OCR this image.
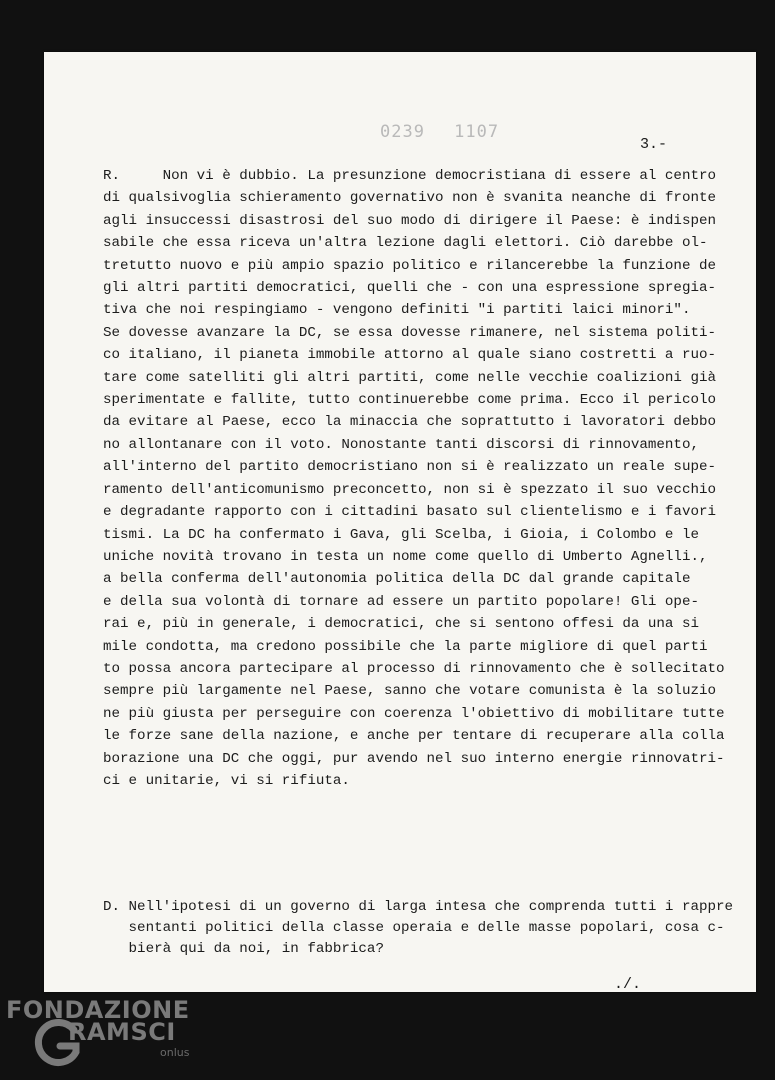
0239 1107
3.-
R.     Non vi è dubbio. La presunzione democristiana di essere al centro
di qualsivoglia schieramento governativo non è svanita neanche di fronte
agli insuccessi disastrosi del suo modo di dirigere il Paese: è indispen
sabile che essa riceva un'altra lezione dagli elettori. Ciò darebbe ol-
tretutto nuovo e più ampio spazio politico e rilancerebbe la funzione de
gli altri partiti democratici, quelli che - con una espressione spregia-
tiva che noi respingiamo - vengono definiti "i partiti laici minori".
Se dovesse avanzare la DC, se essa dovesse rimanere, nel sistema politi-
co italiano, il pianeta immobile attorno al quale siano costretti a ruo-
tare come satelliti gli altri partiti, come nelle vecchie coalizioni già
sperimentate e fallite, tutto continuerebbe come prima. Ecco il pericolo
da evitare al Paese, ecco la minaccia che soprattutto i lavoratori debbo
no allontanare con il voto. Nonostante tanti discorsi di rinnovamento,
all'interno del partito democristiano non si è realizzato un reale supe-
ramento dell'anticomunismo preconcetto, non si è spezzato il suo vecchio
e degradante rapporto con i cittadini basato sul clientelismo e i favori
tismi. La DC ha confermato i Gava, gli Scelba, i Gioia, i Colombo e le
uniche novità trovano in testa un nome come quello di Umberto Agnelli.,
a bella conferma dell'autonomia politica della DC dal grande capitale
e della sua volontà di tornare ad essere un partito popolare! Gli ope-
rai e, più in generale, i democratici, che si sentono offesi da una si
mile condotta, ma credono possibile che la parte migliore di quel parti
to possa ancora partecipare al processo di rinnovamento che è sollecitato
sempre più largamente nel Paese, sanno che votare comunista è la soluzio
ne più giusta per perseguire con coerenza l'obiettivo di mobilitare tutte
le forze sane della nazione, e anche per tentare di recuperare alla colla
borazione una DC che oggi, pur avendo nel suo interno energie rinnovatri-
ci e unitarie, vi si rifiuta.
D. Nell'ipotesi di un governo di larga intesa che comprenda tutti i rappre
sentanti politici della classe operaia e delle masse popolari, cosa c-
bierà qui da noi, in fabbrica?
./.
FONDAZIONE
RAMSCI
onlus
